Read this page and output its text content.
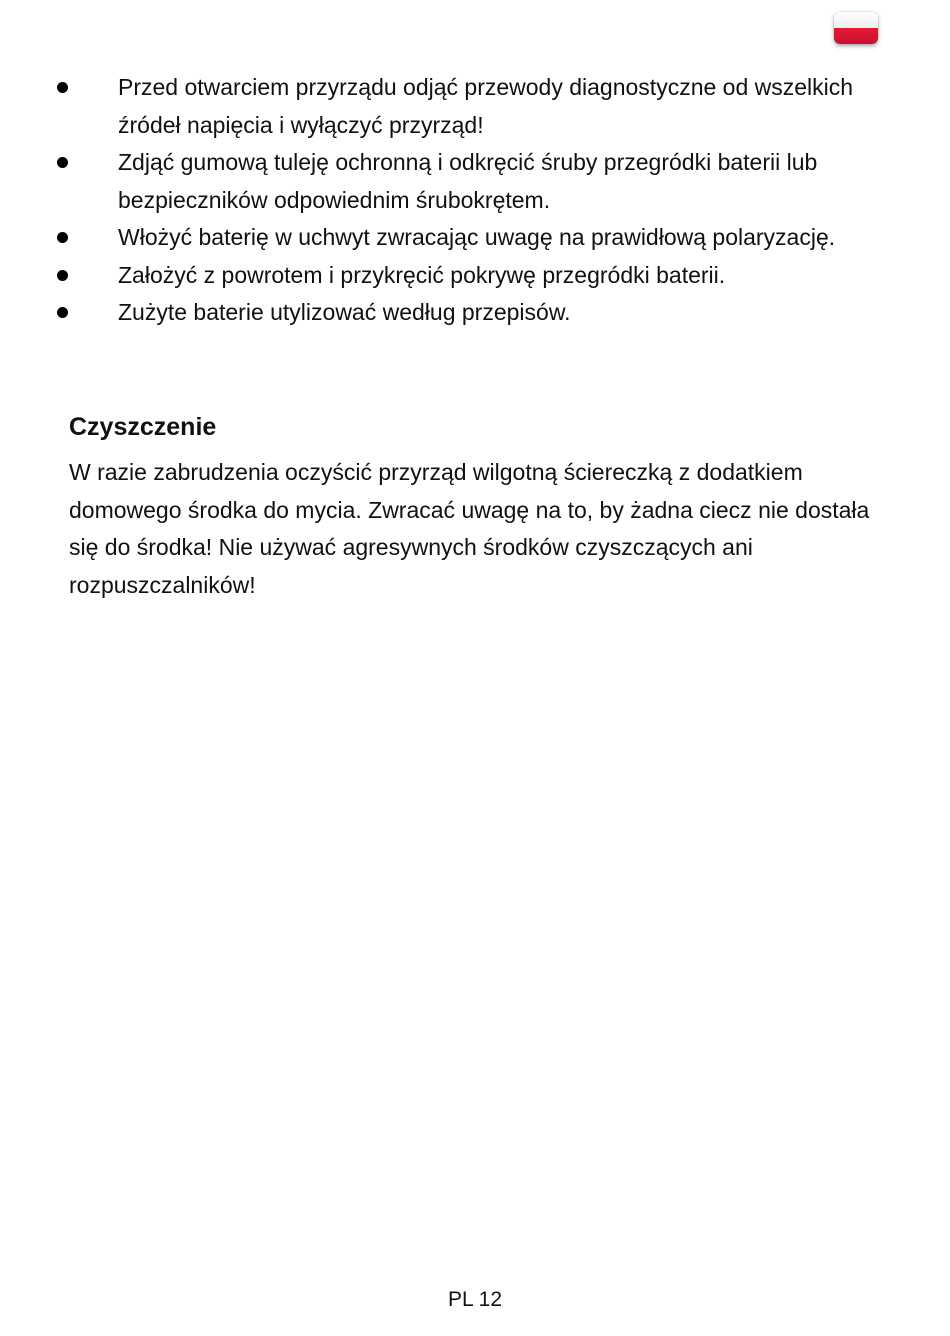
Przed otwarciem przyrządu odjąć przewody diagnostyczne od wszelkich źródeł napięcia i wyłączyć przyrząd!
Zdjąć gumową tuleję ochronną i odkręcić śruby przegródki baterii lub bezpieczników odpowiednim śrubokrętem.
Włożyć baterię w uchwyt zwracając uwagę na prawidłową polaryzację.
Założyć z powrotem i przykręcić pokrywę przegródki baterii.
Zużyte baterie utylizować według przepisów.
Czyszczenie

W razie zabrudzenia oczyścić przyrząd wilgotną ściereczką z dodatkiem domowego środka do mycia. Zwracać uwagę na to, by żadna ciecz nie dostała się do środka! Nie używać agresywnych środków czyszczących ani rozpuszczalników!

PL 12
